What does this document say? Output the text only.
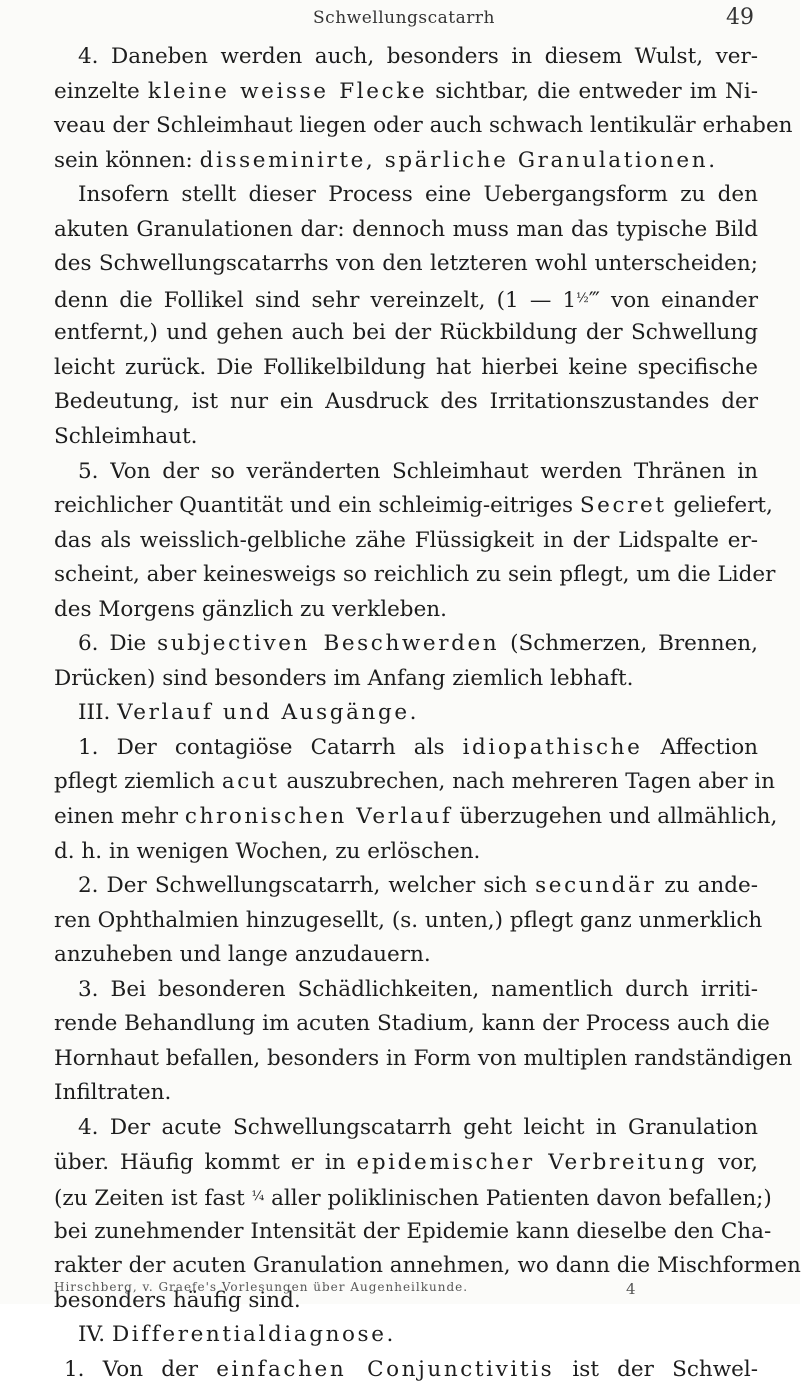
Schwellungscatarrh	49
4. Daneben werden auch, besonders in diesem Wulst, ver-
einzelte kleine weisse Flecke sichtbar, die entweder im Ni-
veau der Schleimhaut liegen oder auch schwach lentikulär erhaben
sein können: disseminirte, spärliche Granulationen.
Insofern stellt dieser Process eine Uebergangsform zu den
akuten Granulationen dar: dennoch muss man das typische Bild
des Schwellungscatarrhs von den letzteren wohl unterscheiden;
denn die Follikel sind sehr vereinzelt, (1 — $1^{\frac{1}{2}}‴$ von einander
entfernt,) und gehen auch bei der Rückbildung der Schwellung
leicht zurück. Die Follikelbildung hat hierbei keine specifische
Bedeutung, ist nur ein Ausdruck des Irritationszustandes der
Schleimhaut.
5. Von der so veränderten Schleimhaut werden Thränen in
reichlicher Quantität und ein schleimig-eitriges Secret geliefert,
das als weisslich-gelbliche zähe Flüssigkeit in der Lidspalte er-
scheint, aber keinesweigs so reichlich zu sein pflegt, um die Lider
des Morgens gänzlich zu verkleben.
6. Die subjectiven Beschwerden (Schmerzen, Brennen,
Drücken) sind besonders im Anfang ziemlich lebhaft.
III. Verlauf und Ausgänge.
1. Der contagiöse Catarrh als idiopathische Affection
pflegt ziemlich acut auszubrechen, nach mehreren Tagen aber in
einen mehr chronischen Verlauf überzugehen und allmählich,
d. h. in wenigen Wochen, zu erlöschen.
2. Der Schwellungscatarrh, welcher sich secundär zu ande-
ren Ophthalmien hinzugesellt, (s. unten,) pflegt ganz unmerklich
anzuheben und lange anzudauern.
3. Bei besonderen Schädlichkeiten, namentlich durch irriti-
rende Behandlung im acuten Stadium, kann der Process auch die
Hornhaut befallen, besonders in Form von multiplen randständigen
Infiltraten.
4. Der acute Schwellungscatarrh geht leicht in Granulation
über. Häufig kommt er in epidemischer Verbreitung vor,
(zu Zeiten ist fast $^{\frac{1}{4}}$ aller poliklinischen Patienten davon befallen;)
bei zunehmender Intensität der Epidemie kann dieselbe den Cha-
rakter der acuten Granulation annehmen, wo dann die Mischformen
besonders häufig sind.
IV. Differentialdiagnose.
1. Von der einfachen Conjunctivitis ist der Schwel-
Hirschberg, v. Graefe's Vorlesungen über Augenheilkunde.	4
